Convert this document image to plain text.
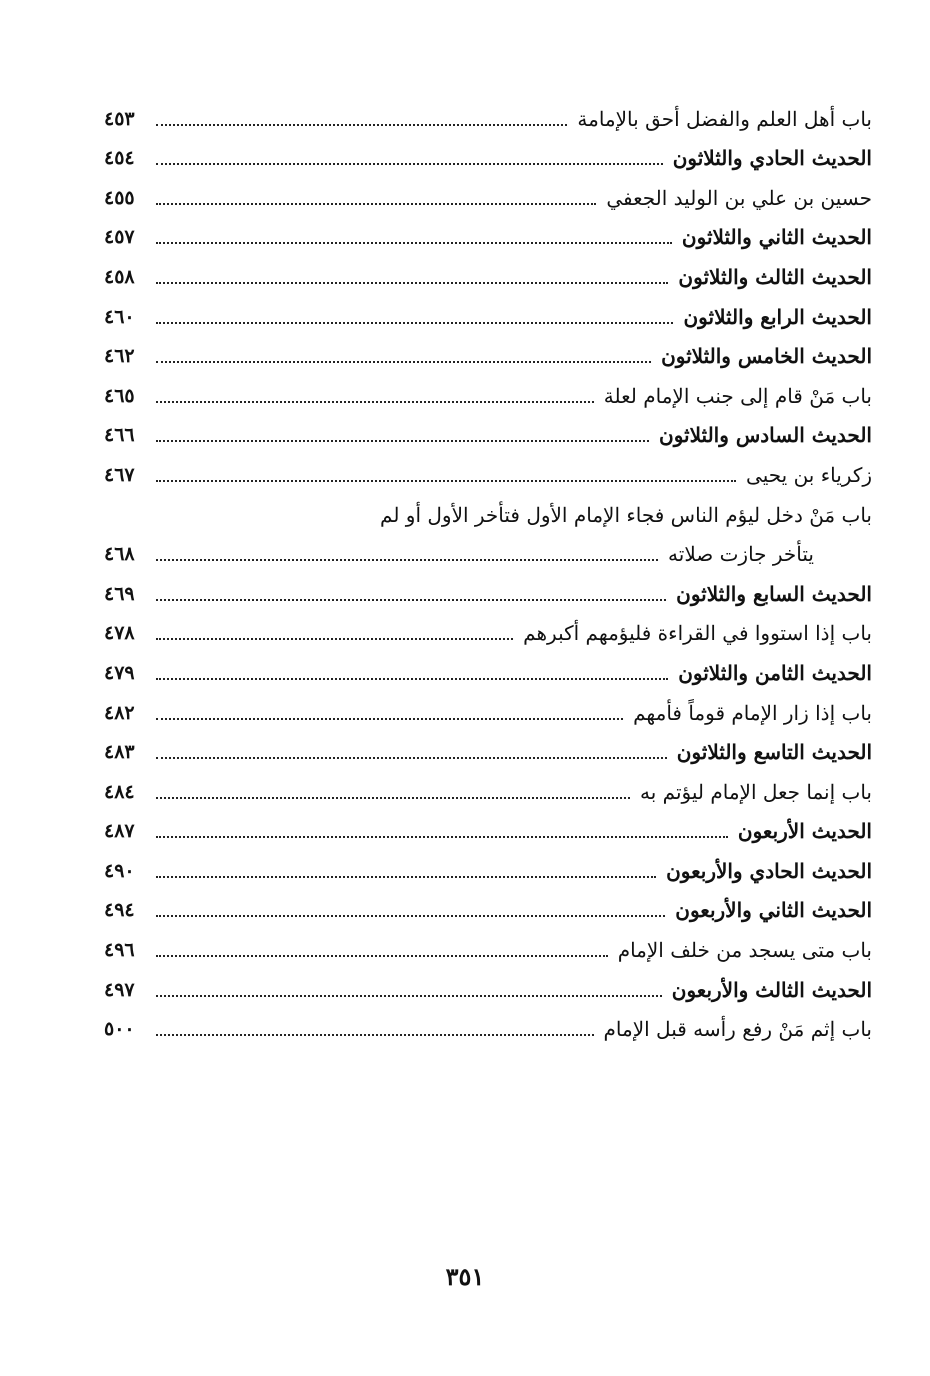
باب أهل العلم والفضل أحق بالإمامة
٤٥٣
الحديث الحادي والثلاثون
٤٥٤
حسين بن علي بن الوليد الجعفي
٤٥٥
الحديث الثاني والثلاثون
٤٥٧
الحديث الثالث والثلاثون
٤٥٨
الحديث الرابع والثلاثون
٤٦٠
الحديث الخامس والثلاثون
٤٦٢
باب مَنْ قام إلى جنب الإمام لعلة
٤٦٥
الحديث السادس والثلاثون
٤٦٦
زكرياء بن يحيى
٤٦٧
باب مَنْ دخل ليؤم الناس فجاء الإمام الأول فتأخر الأول أو لم
يتأخر جازت صلاته
٤٦٨
الحديث السابع والثلاثون
٤٦٩
باب إذا استووا في القراءة فليؤمهم أكبرهم
٤٧٨
الحديث الثامن والثلاثون
٤٧٩
باب إذا زار الإمام قوماً فأمهم
٤٨٢
الحديث التاسع والثلاثون
٤٨٣
باب إنما جعل الإمام ليؤتم به
٤٨٤
الحديث الأربعون
٤٨٧
الحديث الحادي والأربعون
٤٩٠
الحديث الثاني والأربعون
٤٩٤
باب متى يسجد من خلف الإمام
٤٩٦
الحديث الثالث والأربعون
٤٩٧
باب إثم مَنْ رفع رأسه قبل الإمام
٥٠٠
٣٥١
